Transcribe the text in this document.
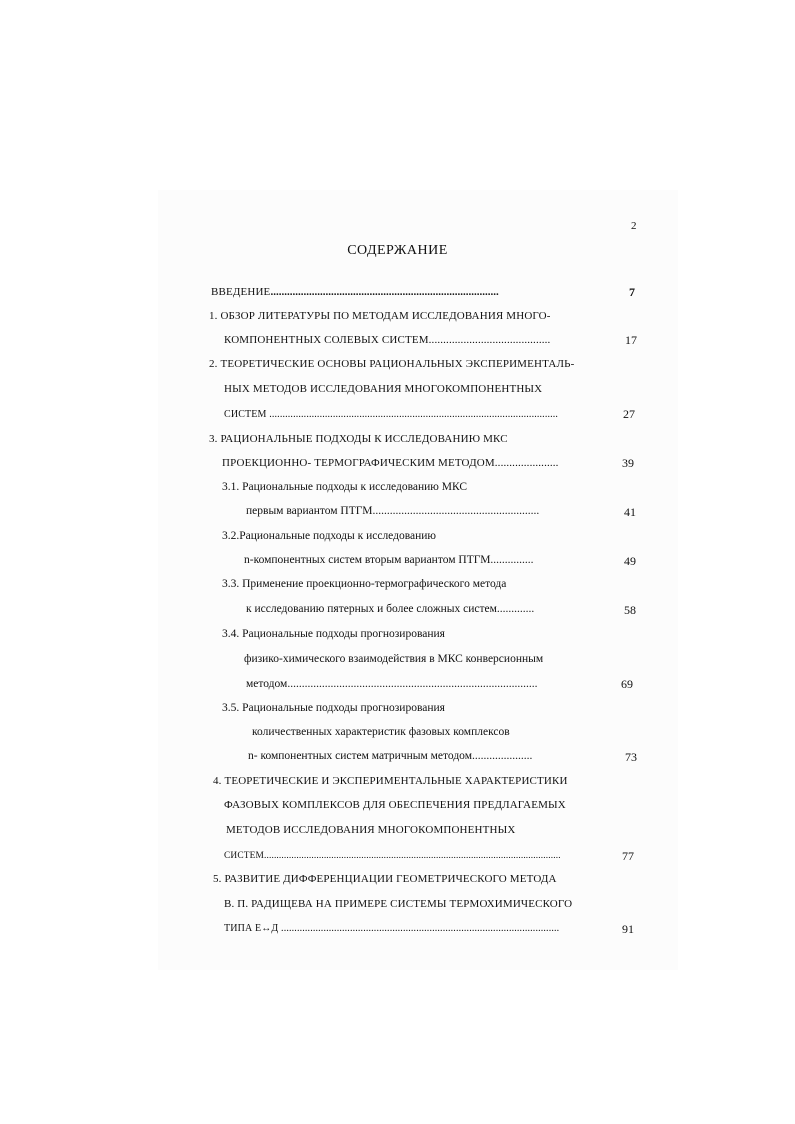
2
СОДЕРЖАНИЕ
ВВЕДЕНИЕ...................................................................................	7
1. ОБЗОР ЛИТЕРАТУРЫ ПО МЕТОДАМ ИССЛЕДОВАНИЯ МНОГО-
КОМПОНЕНТНЫХ СОЛЕВЫХ СИСТЕМ..........................................	17
2. ТЕОРЕТИЧЕСКИЕ ОСНОВЫ РАЦИОНАЛЬНЫХ ЭКСПЕРИМЕНТАЛЬ-
НЫХ МЕТОДОВ ИССЛЕДОВАНИЯ МНОГОКОМПОНЕНТНЫХ
СИСТЕМ .............................................................................................................	27
3. РАЦИОНАЛЬНЫЕ ПОДХОДЫ К ИССЛЕДОВАНИЮ МКС
ПРОЕКЦИОННО- ТЕРМОГРАФИЧЕСКИМ МЕТОДОМ......................	39
3.1. Рациональные подходы к исследованию МКС
первым вариантом ПТГМ..........................................................	41
3.2.Рациональные подходы к исследованию
n-компонентных систем вторым вариантом ПТГМ...............	49
3.3. Применение проекционно-термографического метода
к исследованию пятерных и более сложных систем.............	58
3.4. Рациональные подходы прогнозирования
физико-химического взаимодействия в МКС конверсионным
методом.......................................................................................	69
3.5. Рациональные подходы прогнозирования
количественных характеристик фазовых комплексов
n- компонентных систем матричным методом.....................	73
4. ТЕОРЕТИЧЕСКИЕ И ЭКСПЕРИМЕНТАЛЬНЫЕ ХАРАКТЕРИСТИКИ
ФАЗОВЫХ КОМПЛЕКСОВ ДЛЯ ОБЕСПЕЧЕНИЯ ПРЕДЛАГАЕМЫХ
МЕТОДОВ ИССЛЕДОВАНИЯ МНОГОКОМПОНЕНТНЫХ
СИСТЕМ.......................................................................................................................	77
5. РАЗВИТИЕ ДИФФЕРЕНЦИАЦИИ ГЕОМЕТРИЧЕСКОГО МЕТОДА
В. П. РАДИЩЕВА НА ПРИМЕРЕ СИСТЕМЫ ТЕРМОХИМИЧЕСКОГО
ТИПА Е↔Д .........................................................................................................	91
